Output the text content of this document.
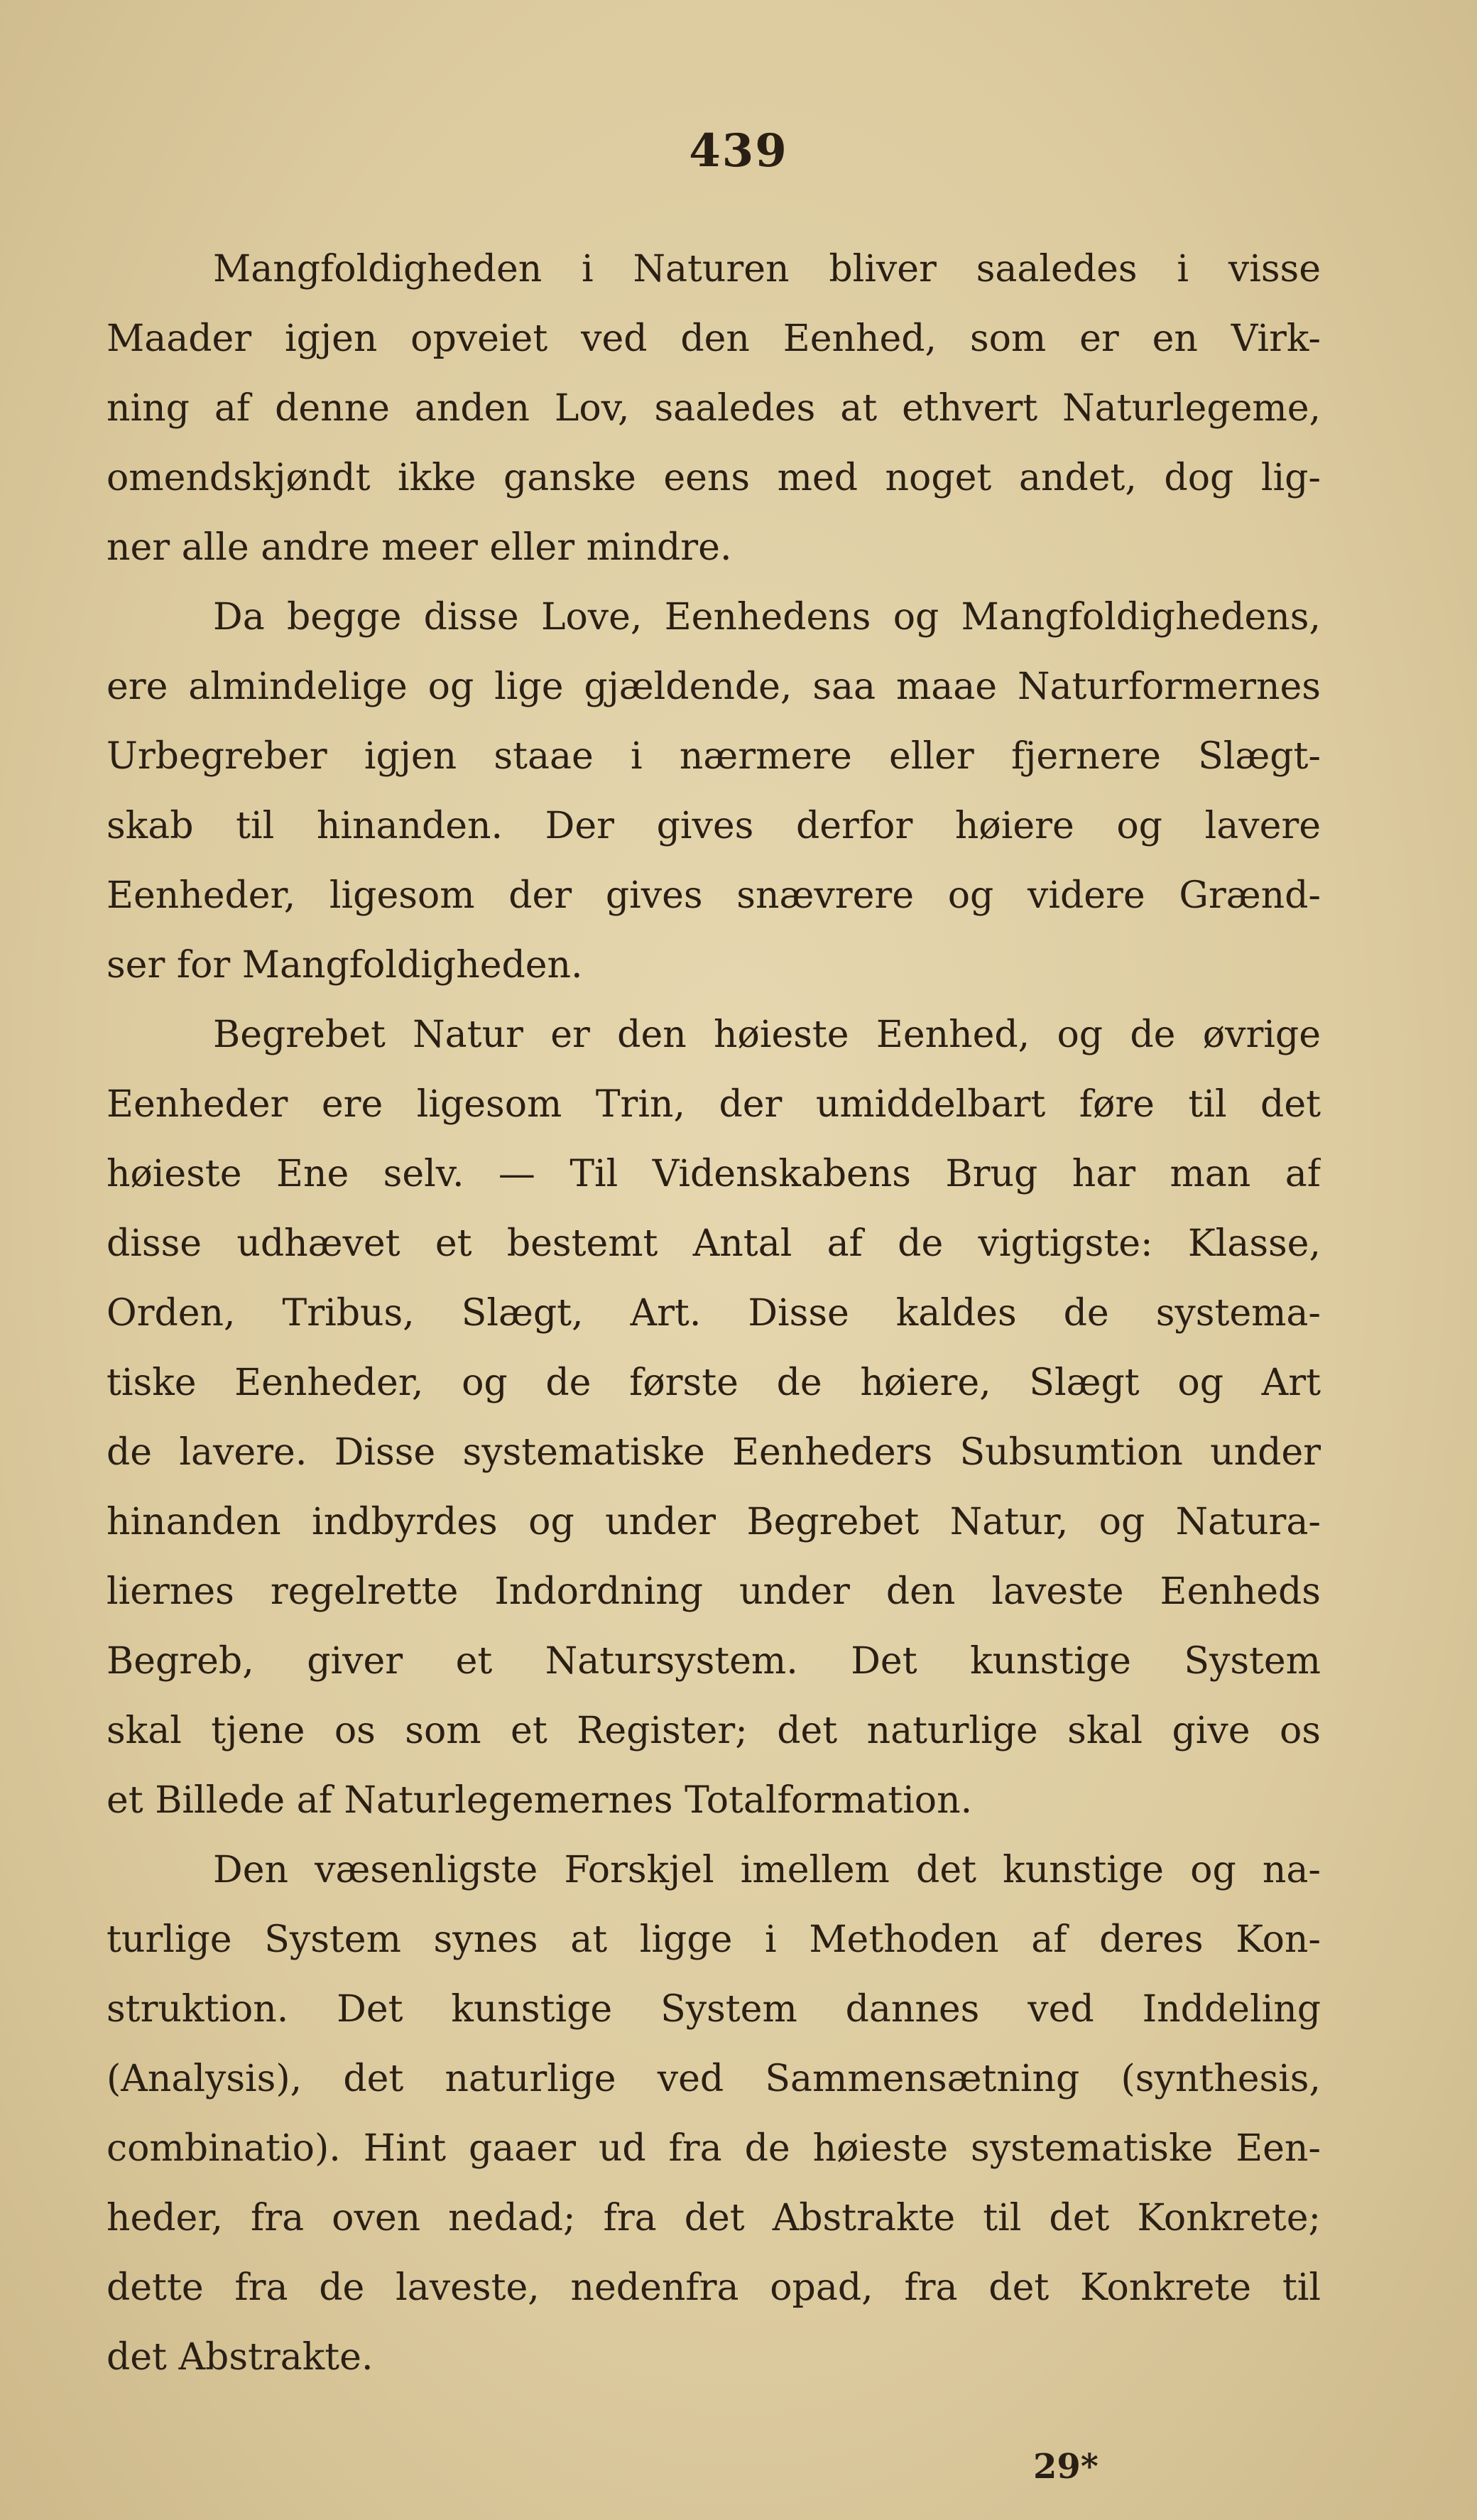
439
Mangfoldigheden i Naturen bliver saaledes i visse
Maader igjen opveiet ved den Eenhed, som er en Virk-
ning af denne anden Lov, saaledes at ethvert Naturlegeme,
omendskjøndt ikke ganske eens med noget andet, dog lig-
ner alle andre meer eller mindre.
Da begge disse Love, Eenhedens og Mangfoldighedens,
ere almindelige og lige gjældende, saa maae Naturformernes
Urbegreber igjen staae i nærmere eller fjernere Slægt-
skab til hinanden. Der gives derfor høiere og lavere
Eenheder, ligesom der gives snævrere og videre Grænd-
ser for Mangfoldigheden.
Begrebet Natur er den høieste Eenhed, og de øvrige
Eenheder ere ligesom Trin, der umiddelbart føre til det
høieste Ene selv. — Til Videnskabens Brug har man af
disse udhævet et bestemt Antal af de vigtigste: Klasse,
Orden, Tribus, Slægt, Art. Disse kaldes de systema-
tiske Eenheder, og de første de høiere, Slægt og Art
de lavere. Disse systematiske Eenheders Subsumtion under
hinanden indbyrdes og under Begrebet Natur, og Natura-
liernes regelrette Indordning under den laveste Eenheds
Begreb, giver et Natursystem. Det kunstige System
skal tjene os som et Register; det naturlige skal give os
et Billede af Naturlegemernes Totalformation.
Den væsenligste Forskjel imellem det kunstige og na-
turlige System synes at ligge i Methoden af deres Kon-
struktion. Det kunstige System dannes ved Inddeling
(Analysis), det naturlige ved Sammensætning (synthesis,
combinatio). Hint gaaer ud fra de høieste systematiske Een-
heder, fra oven nedad; fra det Abstrakte til det Konkrete;
dette fra de laveste, nedenfra opad, fra det Konkrete til
det Abstrakte.
29*
